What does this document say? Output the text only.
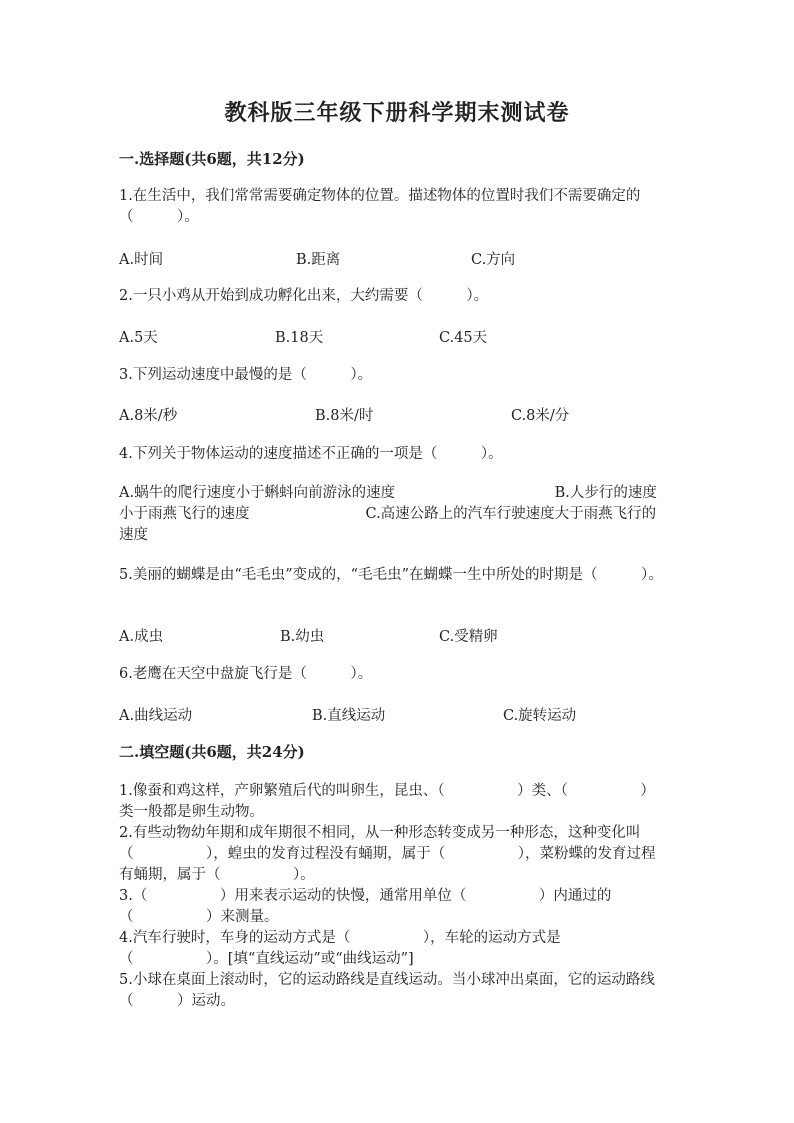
教科版三年级下册科学期末测试卷
一.选择题(共6题，共12分)
1.在生活中，我们常常需要确定物体的位置。描述物体的位置时我们不需要确定的（　　　）。
A.时间	B.距离	C.方向
2.一只小鸡从开始到成功孵化出来，大约需要（　　　）。
A.5天	B.18天	C.45天
3.下列运动速度中最慢的是（　　　）。
A.8米/秒	B.8米/时	C.8米/分
4.下列关于物体运动的速度描述不正确的一项是（　　　）。
A.蜗牛的爬行速度小于蝌蚪向前游泳的速度　　　　　　　　　　　B.人步行的速度小于雨燕飞行的速度　　　　　　　　C.高速公路上的汽车行驶速度大于雨燕飞行的速度
5.美丽的蝴蝶是由“毛毛虫”变成的，“毛毛虫”在蝴蝶一生中所处的时期是（　　　）。
A.成虫	B.幼虫	C.受精卵
6.老鹰在天空中盘旋飞行是（　　　）。
A.曲线运动	B.直线运动	C.旋转运动
二.填空题(共6题，共24分)
1.像蚕和鸡这样，产卵繁殖后代的叫卵生，昆虫、（　　　　　）类、（　　　　　）类一般都是卵生动物。
2.有些动物幼年期和成年期很不相同，从一种形态转变成另一种形态，这种变化叫（　　　　　），蝗虫的发育过程没有蛹期，属于（　　　　　），菜粉蝶的发育过程有蛹期，属于（　　　　　）。
3.（　　　　　）用来表示运动的快慢，通常用单位（　　　　　）内通过的（　　　　　）来测量。
4.汽车行驶时，车身的运动方式是（　　　　　），车轮的运动方式是（　　　　　）。[填“直线运动”或“曲线运动”]
5.小球在桌面上滚动时，它的运动路线是直线运动。当小球冲出桌面，它的运动路线（　　　）运动。
